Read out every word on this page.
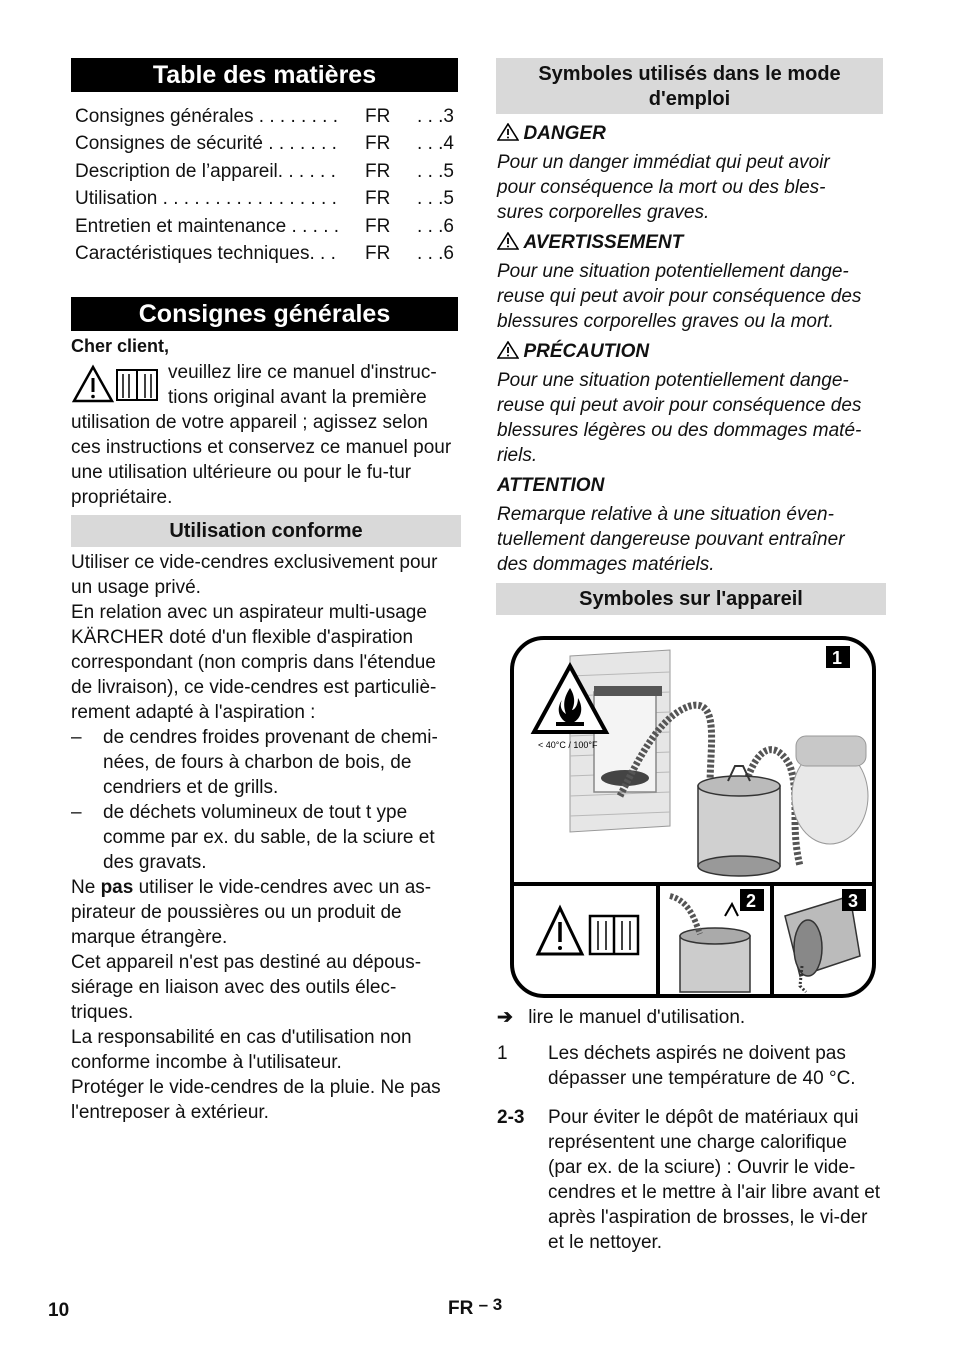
Table des matières
Consignes générales . . . . . . . . FR	. . .3
Consignes de sécurité . . . . . . . FR	. . .4
Description de l’appareil. . . . . . FR	. . .5
Utilisation . . . . . . . . . . . . . . . . . FR	. . .5
Entretien et maintenance . . . . . FR	. . .6
Caractéristiques techniques. . . FR	. . .6
Consignes générales
Cher client,

veuillez lire ce manuel d'instruc-

tions original avant la première

utilisation de votre appareil ; agissez selon ces instructions et conservez ce manuel pour une utilisation ultérieure ou pour le fu-tur propriétaire.

Utilisation conforme

Utiliser ce vide-cendres exclusivement pour un usage privé.

En relation avec un aspirateur multi-usage KÄRCHER doté d'un flexible d'aspiration correspondant (non compris dans l'étendue de livraison), ce vide-cendres est particuliè-rement adapté à l'aspiration :

– de cendres froides provenant de chemi-nées, de fours à charbon de bois, de cendriers et de grills.
– de déchets volumineux de tout t ype comme par ex. du sable, de la sciure et des gravats.

Ne pas utiliser le vide-cendres avec un as-pirateur de poussières ou un produit de marque étrangère.

Cet appareil n'est pas destiné au dépous-siérage en liaison avec des outils élec-triques.

La responsabilité en cas d'utilisation non conforme incombe à l'utilisateur.

Protéger le vide-cendres de la pluie. Ne pas l'entreposer à extérieur.

Symboles utilisés dans le mode d'emploi
DANGER

Pour un danger immédiat qui peut avoir pour conséquence la mort ou des bles-sures corporelles graves.

AVERTISSEMENT

Pour une situation potentiellement dange-reuse qui peut avoir pour conséquence des blessures corporelles graves ou la mort.

PRÉCAUTION

Pour une situation potentiellement dange-reuse qui peut avoir pour conséquence des blessures légères ou des dommages maté-riels.

ATTENTION

Remarque relative à une situation éven-tuellement dangereuse pouvant entraîner des dommages matériels.

Symboles sur l'appareil
< 40°C / 100°F
1
2	3
➔ lire le manuel d'utilisation.
1 Les déchets aspirés ne doivent pas dépasser une température de 40 °C.

2-3 Pour éviter le dépôt de matériaux qui représentent une charge calorifique (par ex. de la sciure) : Ouvrir le vide-cendres et le mettre à l'air libre avant et après l'aspiration de brosses, le vi-der et le nettoyer.

10	FR – 3
